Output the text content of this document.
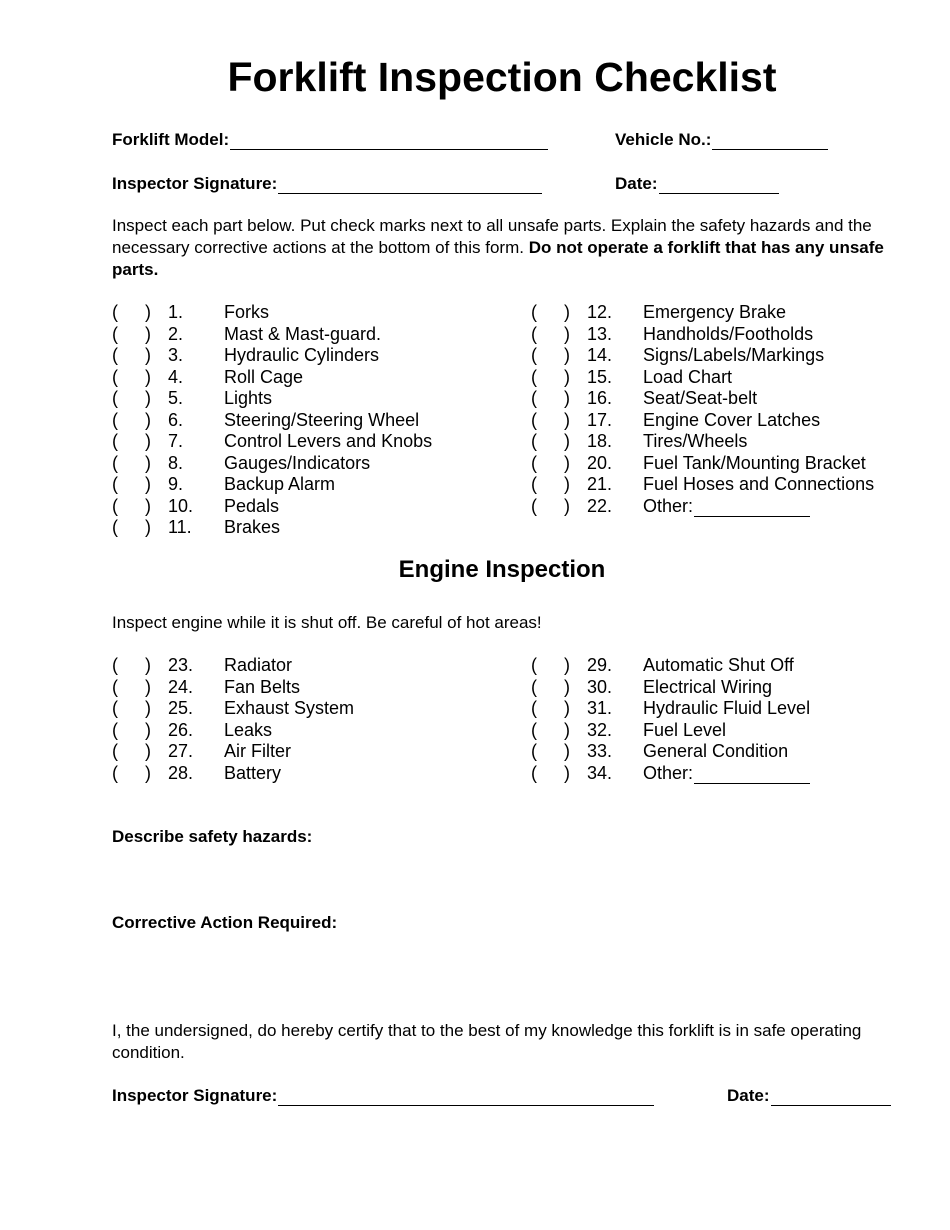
Forklift Inspection Checklist
Forklift Model:	Vehicle No.:
Inspector Signature:	Date:

Inspect each part below. Put check marks next to all unsafe parts. Explain the safety hazards and the necessary corrective actions at the bottom of this form. Do not operate a forklift that has any unsafe parts.

( ) 1. Forks
( ) 2. Mast & Mast-guard.
( ) 3. Hydraulic Cylinders
( ) 4. Roll Cage
( ) 5. Lights
( ) 6. Steering/Steering Wheel
( ) 7. Control Levers and Knobs
( ) 8. Gauges/Indicators
( ) 9. Backup Alarm
( ) 10. Pedals
( ) 11. Brakes
( ) 12. Emergency Brake
( ) 13. Handholds/Footholds
( ) 14. Signs/Labels/Markings
( ) 15. Load Chart
( ) 16. Seat/Seat-belt
( ) 17. Engine Cover Latches
( ) 18. Tires/Wheels
( ) 20. Fuel Tank/Mounting Bracket
( ) 21. Fuel Hoses and Connections
( ) 22. Other:
Engine Inspection

Inspect engine while it is shut off. Be careful of hot areas!

( ) 23. Radiator
( ) 24. Fan Belts
( ) 25. Exhaust System
( ) 26. Leaks
( ) 27. Air Filter
( ) 28. Battery
( ) 29. Automatic Shut Off
( ) 30. Electrical Wiring
( ) 31. Hydraulic Fluid Level
( ) 32. Fuel Level
( ) 33. General Condition
( ) 34. Other:
Describe safety hazards:
Corrective Action Required:

I, the undersigned, do hereby certify that to the best of my knowledge this forklift is in safe operating condition.

Inspector Signature:	Date:
